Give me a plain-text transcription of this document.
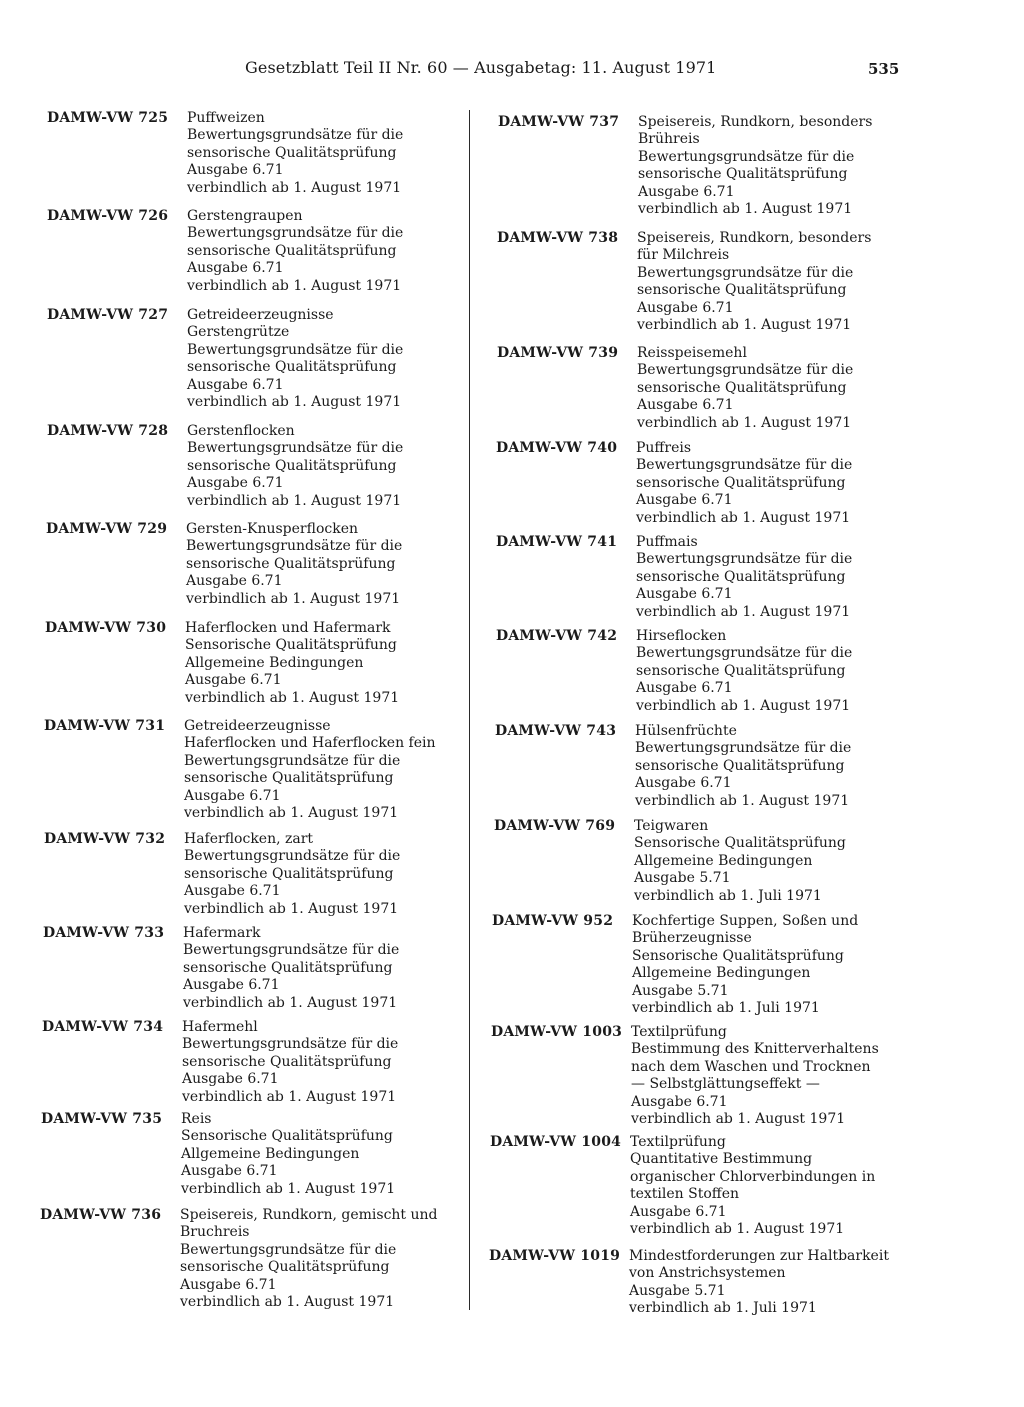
Gesetzblatt Teil II Nr. 60 — Ausgabetag: 11. August 1971	535
DAMW-VW 725	Puffweizen
Bewertungsgrundsätze für die
sensorische Qualitätsprüfung
Ausgabe 6.71
verbindlich ab 1. August 1971
DAMW-VW 726	Gerstengraupen
Bewertungsgrundsätze für die
sensorische Qualitätsprüfung
Ausgabe 6.71
verbindlich ab 1. August 1971
DAMW-VW 727	Getreideerzeugnisse
Gerstengrütze
Bewertungsgrundsätze für die
sensorische Qualitätsprüfung
Ausgabe 6.71
verbindlich ab 1. August 1971
DAMW-VW 728	Gerstenflocken
Bewertungsgrundsätze für die
sensorische Qualitätsprüfung
Ausgabe 6.71
verbindlich ab 1. August 1971
DAMW-VW 729	Gersten-Knusperflocken
Bewertungsgrundsätze für die
sensorische Qualitätsprüfung
Ausgabe 6.71
verbindlich ab 1. August 1971
DAMW-VW 730	Haferflocken und Hafermark
Sensorische Qualitätsprüfung
Allgemeine Bedingungen
Ausgabe 6.71
verbindlich ab 1. August 1971
DAMW-VW 731	Getreideerzeugnisse
Haferflocken und Haferflocken fein
Bewertungsgrundsätze für die
sensorische Qualitätsprüfung
Ausgabe 6.71
verbindlich ab 1. August 1971
DAMW-VW 732	Haferflocken, zart
Bewertungsgrundsätze für die
sensorische Qualitätsprüfung
Ausgabe 6.71
verbindlich ab 1. August 1971
DAMW-VW 733	Hafermark
Bewertungsgrundsätze für die
sensorische Qualitätsprüfung
Ausgabe 6.71
verbindlich ab 1. August 1971
DAMW-VW 734	Hafermehl
Bewertungsgrundsätze für die
sensorische Qualitätsprüfung
Ausgabe 6.71
verbindlich ab 1. August 1971
DAMW-VW 735	Reis
Sensorische Qualitätsprüfung
Allgemeine Bedingungen
Ausgabe 6.71
verbindlich ab 1. August 1971
DAMW-VW 736	Speisereis, Rundkorn, gemischt und
Bruchreis
Bewertungsgrundsätze für die
sensorische Qualitätsprüfung
Ausgabe 6.71
verbindlich ab 1. August 1971
DAMW-VW 737	Speisereis, Rundkorn, besonders
Brühreis
Bewertungsgrundsätze für die
sensorische Qualitätsprüfung
Ausgabe 6.71
verbindlich ab 1. August 1971
DAMW-VW 738	Speisereis, Rundkorn, besonders
für Milchreis
Bewertungsgrundsätze für die
sensorische Qualitätsprüfung
Ausgabe 6.71
verbindlich ab 1. August 1971
DAMW-VW 739	Reisspeisemehl
Bewertungsgrundsätze für die
sensorische Qualitätsprüfung
Ausgabe 6.71
verbindlich ab 1. August 1971
DAMW-VW 740	Puffreis
Bewertungsgrundsätze für die
sensorische Qualitätsprüfung
Ausgabe 6.71
verbindlich ab 1. August 1971
DAMW-VW 741	Puffmais
Bewertungsgrundsätze für die
sensorische Qualitätsprüfung
Ausgabe 6.71
verbindlich ab 1. August 1971
DAMW-VW 742	Hirseflocken
Bewertungsgrundsätze für die
sensorische Qualitätsprüfung
Ausgabe 6.71
verbindlich ab 1. August 1971
DAMW-VW 743	Hülsenfrüchte
Bewertungsgrundsätze für die
sensorische Qualitätsprüfung
Ausgabe 6.71
verbindlich ab 1. August 1971
DAMW-VW 769	Teigwaren
Sensorische Qualitätsprüfung
Allgemeine Bedingungen
Ausgabe 5.71
verbindlich ab 1. Juli 1971
DAMW-VW 952	Kochfertige Suppen, Soßen und
Brüherzeugnisse
Sensorische Qualitätsprüfung
Allgemeine Bedingungen
Ausgabe 5.71
verbindlich ab 1. Juli 1971
DAMW-VW 1003 Textilprüfung
Bestimmung des Knitterverhaltens
nach dem Waschen und Trocknen
— Selbstglättungseffekt —
Ausgabe 6.71
verbindlich ab 1. August 1971
DAMW-VW 1004 Textilprüfung
Quantitative Bestimmung
organischer Chlorverbindungen in
textilen Stoffen
Ausgabe 6.71
verbindlich ab 1. August 1971
DAMW-VW 1019 Mindestforderungen zur Haltbarkeit
von Anstrichsystemen
Ausgabe 5.71
verbindlich ab 1. Juli 1971
